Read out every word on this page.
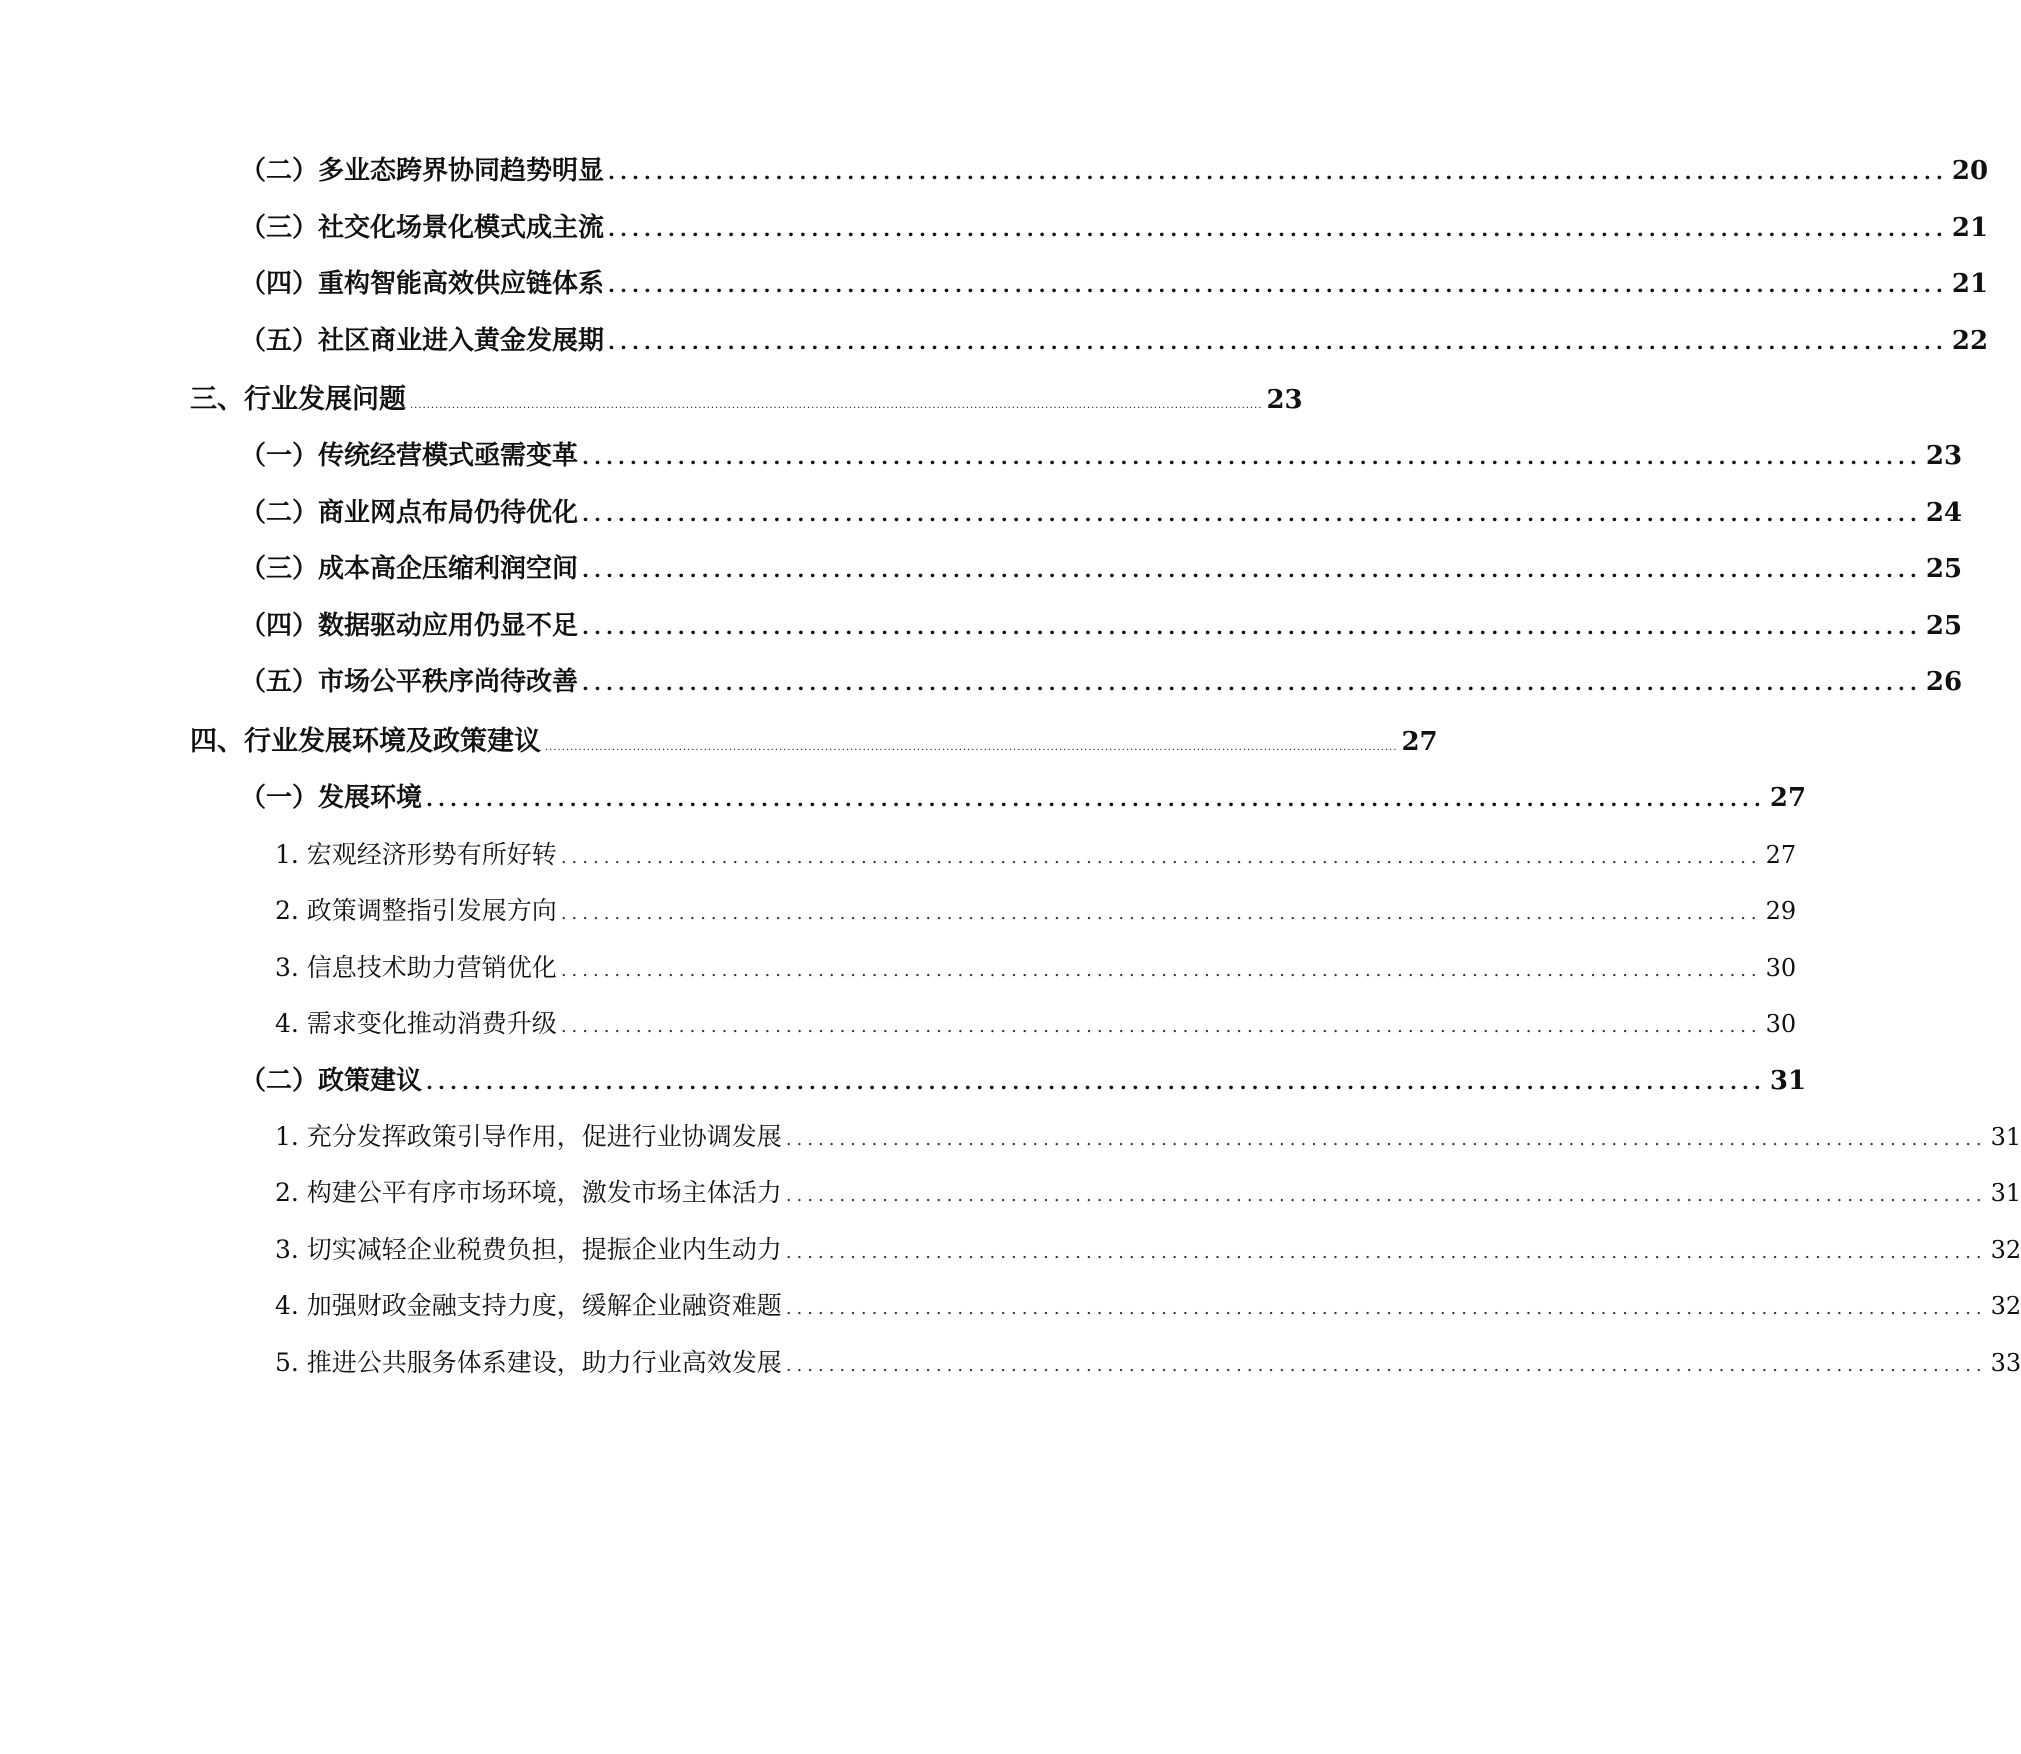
（二）多业态跨界协同趋势明显 ................................................................................................................ 20
（三）社交化场景化模式成主流 ................................................................................................................ 21
（四）重构智能高效供应链体系 ................................................................................................................ 21
（五）社区商业进入黄金发展期 ................................................................................................................ 22
三、行业发展问题 ............................................................................................................................................................................................................ 23
（一）传统经营模式亟需变革 ................................................................................................................ 23
（二）商业网点布局仍待优化 ................................................................................................................ 24
（三）成本高企压缩利润空间 ................................................................................................................ 25
（四）数据驱动应用仍显不足 ................................................................................................................ 25
（五）市场公平秩序尚待改善 ................................................................................................................ 26
四、行业发展环境及政策建议 ............................................................................................................................................................................................................ 27
（一）发展环境 ................................................................................................................ 27
1. 宏观经济形势有所好转 ................................................................................................................ 27
2. 政策调整指引发展方向 ................................................................................................................ 29
3. 信息技术助力营销优化 ................................................................................................................ 30
4. 需求变化推动消费升级 ................................................................................................................ 30
（二）政策建议 ................................................................................................................ 31
1. 充分发挥政策引导作用，促进行业协调发展 ................................................................................................................ 31
2. 构建公平有序市场环境，激发市场主体活力 ................................................................................................................ 31
3. 切实减轻企业税费负担，提振企业内生动力 ................................................................................................................ 32
4. 加强财政金融支持力度，缓解企业融资难题 ................................................................................................................ 32
5. 推进公共服务体系建设，助力行业高效发展 ................................................................................................................ 33
